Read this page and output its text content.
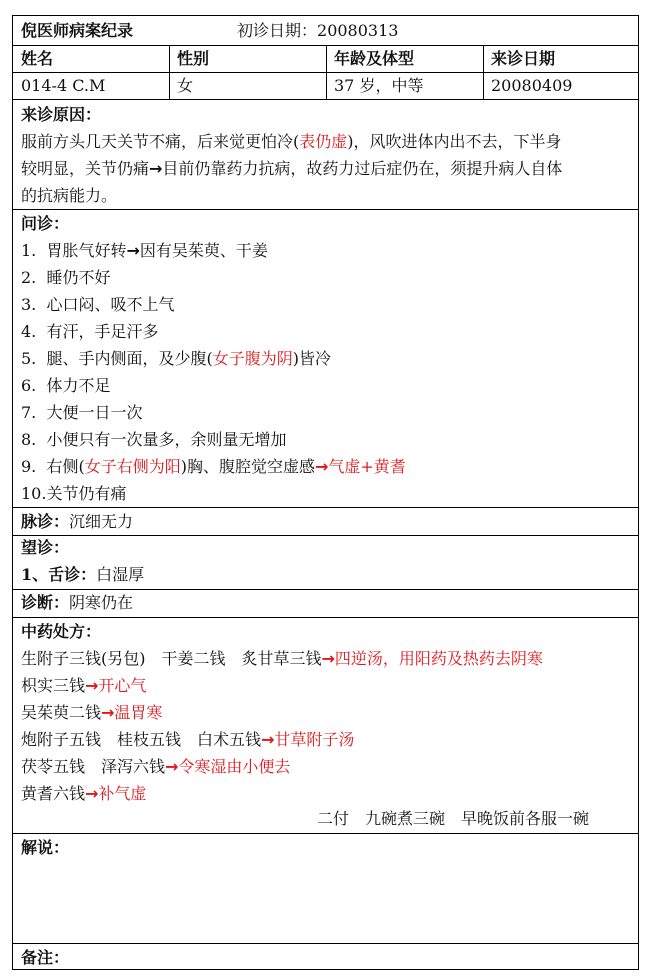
倪医师病案纪录	初诊日期：20080313
姓名	性别	年龄及体型	来诊日期
014-4 C.M	女	37 岁，中等	20080409
来诊原因：
服前方头几天关节不痛，后来觉更怕冷(表仍虚)，风吹进体内出不去，下半身
较明显，关节仍痛→目前仍靠药力抗病，故药力过后症仍在，须提升病人自体
的抗病能力。
问诊：
1. 胃胀气好转→因有吴茱萸、干姜
2. 睡仍不好
3. 心口闷、吸不上气
4. 有汗，手足汗多
5. 腿、手内侧面，及少腹(女子腹为阴)皆冷
6. 体力不足
7. 大便一日一次
8. 小便只有一次量多，余则量无增加
9. 右侧(女子右侧为阳)胸、腹腔觉空虚感→气虚+黄耆
10.关节仍有痛
脉诊：沉细无力
望诊：
1、舌诊：白湿厚
诊断：阴寒仍在
中药处方：
生附子三钱(另包)　干姜二钱　炙甘草三钱→四逆汤，用阳药及热药去阴寒
枳实三钱→开心气
吴茱萸二钱→温胃寒
炮附子五钱　桂枝五钱　白术五钱→甘草附子汤
茯苓五钱　泽泻六钱→令寒湿由小便去
黄耆六钱→补气虚
二付　九碗煮三碗　早晚饭前各服一碗
解说：
备注：
